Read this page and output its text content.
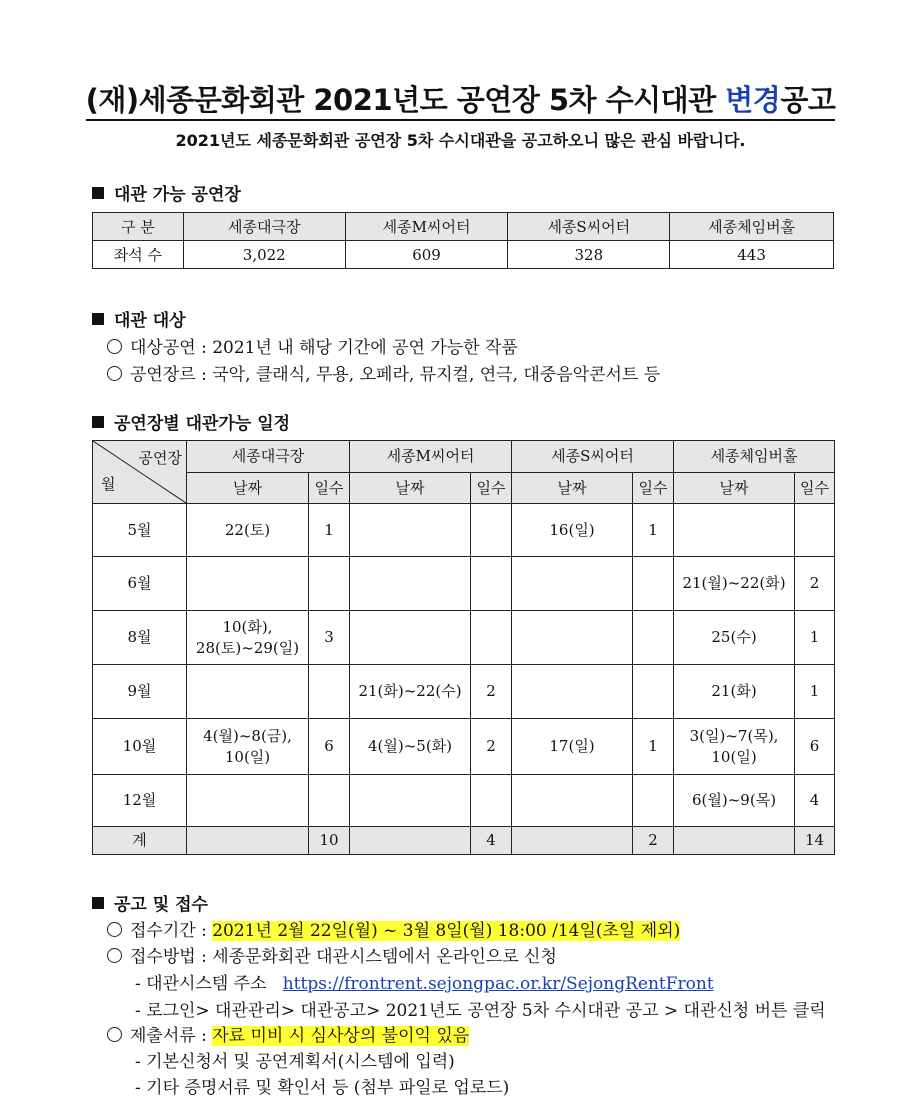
(재)세종문화회관 2021년도 공연장 5차 수시대관 변경공고
2021년도 세종문화회관 공연장 5차 수시대관을 공고하오니 많은 관심 바랍니다.
대관 가능 공연장
구 분	세종대극장	세종M씨어터	세종S씨어터	세종체임버홀
좌석 수	3,022	609	328	443
대관 대상
대상공연 : 2021년 내 해당 기간에 공연 가능한 작품
공연장르 : 국악, 클래식, 무용, 오페라, 뮤지컬, 연극, 대중음악콘서트 등
공연장별 대관가능 일정
공연장
월	세종대극장		세종M씨어터		세종S씨어터		세종체임버홀	
	날짜	일수	날짜	일수	날짜	일수	날짜	일수
5월	22(토)	1			16(일)	1		
6월							21(월)~22(화)	2
8월	10(화),
28(토)~29(일)	3					25(수)	1
9월			21(화)~22(수)	2			21(화)	1
10월	4(월)~8(금),
10(일)	6	4(월)~5(화)	2	17(일)	1	3(일)~7(목),
10(일)	6
12월							6(월)~9(목)	4
계		10		4		2		14
공고 및 접수
접수기간 : 2021년 2월 22일(월) ~ 3월 8일(월) 18:00 /14일(초일 제외)
접수방법 : 세종문화회관 대관시스템에서 온라인으로 신청
- 대관시스템 주소 https://frontrent.sejongpac.or.kr/SejongRentFront
- 로그인> 대관관리> 대관공고> 2021년도 공연장 5차 수시대관 공고 > 대관신청 버튼 클릭
제출서류 : 자료 미비 시 심사상의 불이익 있음
- 기본신청서 및 공연계획서(시스템에 입력)
- 기타 증명서류 및 확인서 등 (첨부 파일로 업로드)
